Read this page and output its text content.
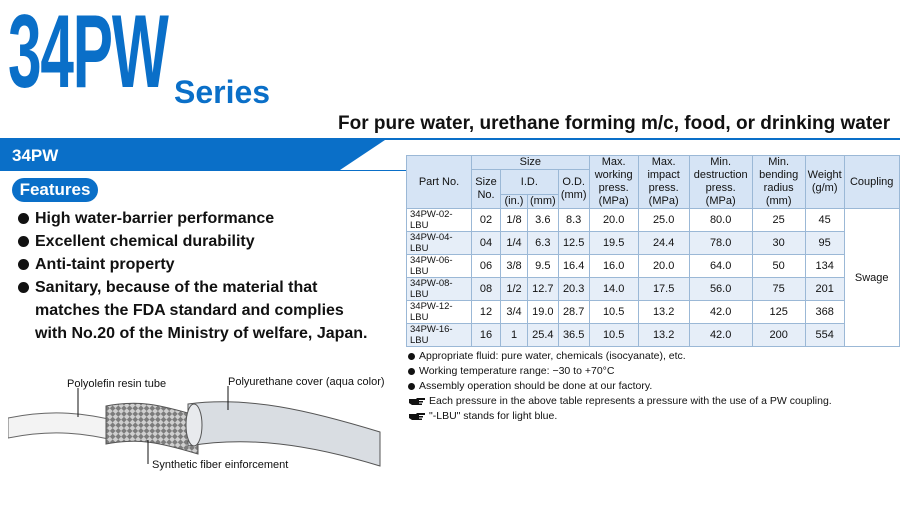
34PW Series
For pure water, urethane forming m/c, food, or drinking water
34PW
Features
High water-barrier performance
Excellent chemical durability
Anti-taint property
Sanitary, because of the material that
matches the FDA standard and complies
with No.20 of the Ministry of welfare, Japan.
Part No.	Size				Max. working press. (MPa)	Max. impact press. (MPa)	Min. destruction press. (MPa)	Min. bending radius (mm)	Weight (g/m)	Coupling
	Size No.	I.D.		O.D. (mm)						
		(in.)	(mm)							
34PW-02-LBU	02	1/8	3.6	8.3	20.0	25.0	80.0	25	45	Swage
34PW-04-LBU	04	1/4	6.3	12.5	19.5	24.4	78.0	30	95	
34PW-06-LBU	06	3/8	9.5	16.4	16.0	20.0	64.0	50	134	
34PW-08-LBU	08	1/2	12.7	20.3	14.0	17.5	56.0	75	201	
34PW-12-LBU	12	3/4	19.0	28.7	10.5	13.2	42.0	125	368	
34PW-16-LBU	16	1	25.4	36.5	10.5	13.2	42.0	200	554	
Appropriate fluid: pure water, chemicals (isocyanate), etc.
Working temperature range: −30 to +70°C
Assembly operation should be done at our factory.
Each pressure in the above table represents a pressure with the use of a PW coupling.
"-LBU" stands for light blue.
Polyolefin resin tube	Polyurethane cover (aqua color)
Synthetic fiber einforcement
